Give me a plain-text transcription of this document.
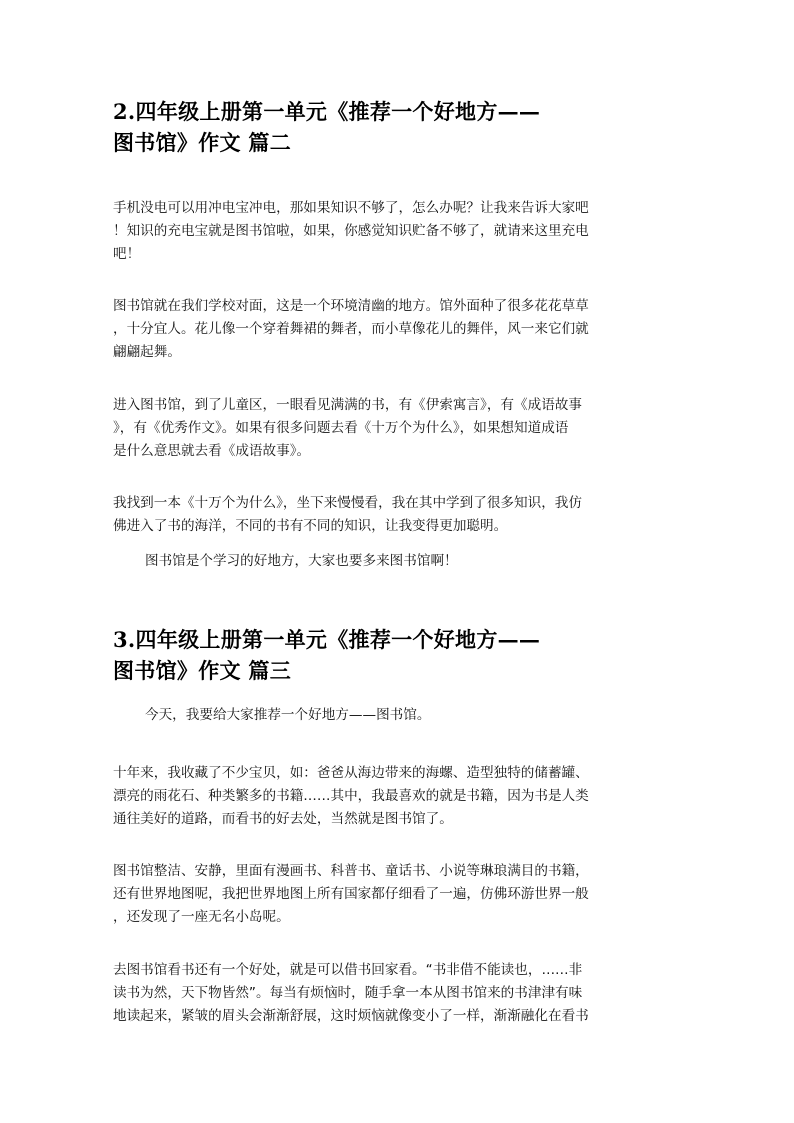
2.四年级上册第一单元《推荐一个好地方——
图书馆》作文 篇二
手机没电可以用冲电宝冲电，那如果知识不够了，怎么办呢？让我来告诉大家吧
！知识的充电宝就是图书馆啦，如果，你感觉知识贮备不够了，就请来这里充电
吧！
图书馆就在我们学校对面，这是一个环境清幽的地方。馆外面种了很多花花草草
，十分宜人。花儿像一个穿着舞裙的舞者，而小草像花儿的舞伴，风一来它们就
翩翩起舞。
进入图书馆，到了儿童区，一眼看见满满的书，有《伊索寓言》，有《成语故事
》，有《优秀作文》。如果有很多问题去看《十万个为什么》，如果想知道成语
是什么意思就去看《成语故事》。
我找到一本《十万个为什么》，坐下来慢慢看，我在其中学到了很多知识，我仿
佛进入了书的海洋，不同的书有不同的知识，让我变得更加聪明。
图书馆是个学习的好地方，大家也要多来图书馆啊！
3.四年级上册第一单元《推荐一个好地方——
图书馆》作文 篇三
今天，我要给大家推荐一个好地方——图书馆。
十年来，我收藏了不少宝贝，如：爸爸从海边带来的海螺、造型独特的储蓄罐、
漂亮的雨花石、种类繁多的书籍……其中，我最喜欢的就是书籍，因为书是人类
通往美好的道路，而看书的好去处，当然就是图书馆了。
图书馆整洁、安静，里面有漫画书、科普书、童话书、小说等琳琅满目的书籍，
还有世界地图呢，我把世界地图上所有国家都仔细看了一遍，仿佛环游世界一般
，还发现了一座无名小岛呢。
去图书馆看书还有一个好处，就是可以借书回家看。“书非借不能读也，……非
读书为然，天下物皆然”。每当有烦恼时，随手拿一本从图书馆来的书津津有味
地读起来，紧皱的眉头会渐渐舒展，这时烦恼就像变小了一样，渐渐融化在看书
